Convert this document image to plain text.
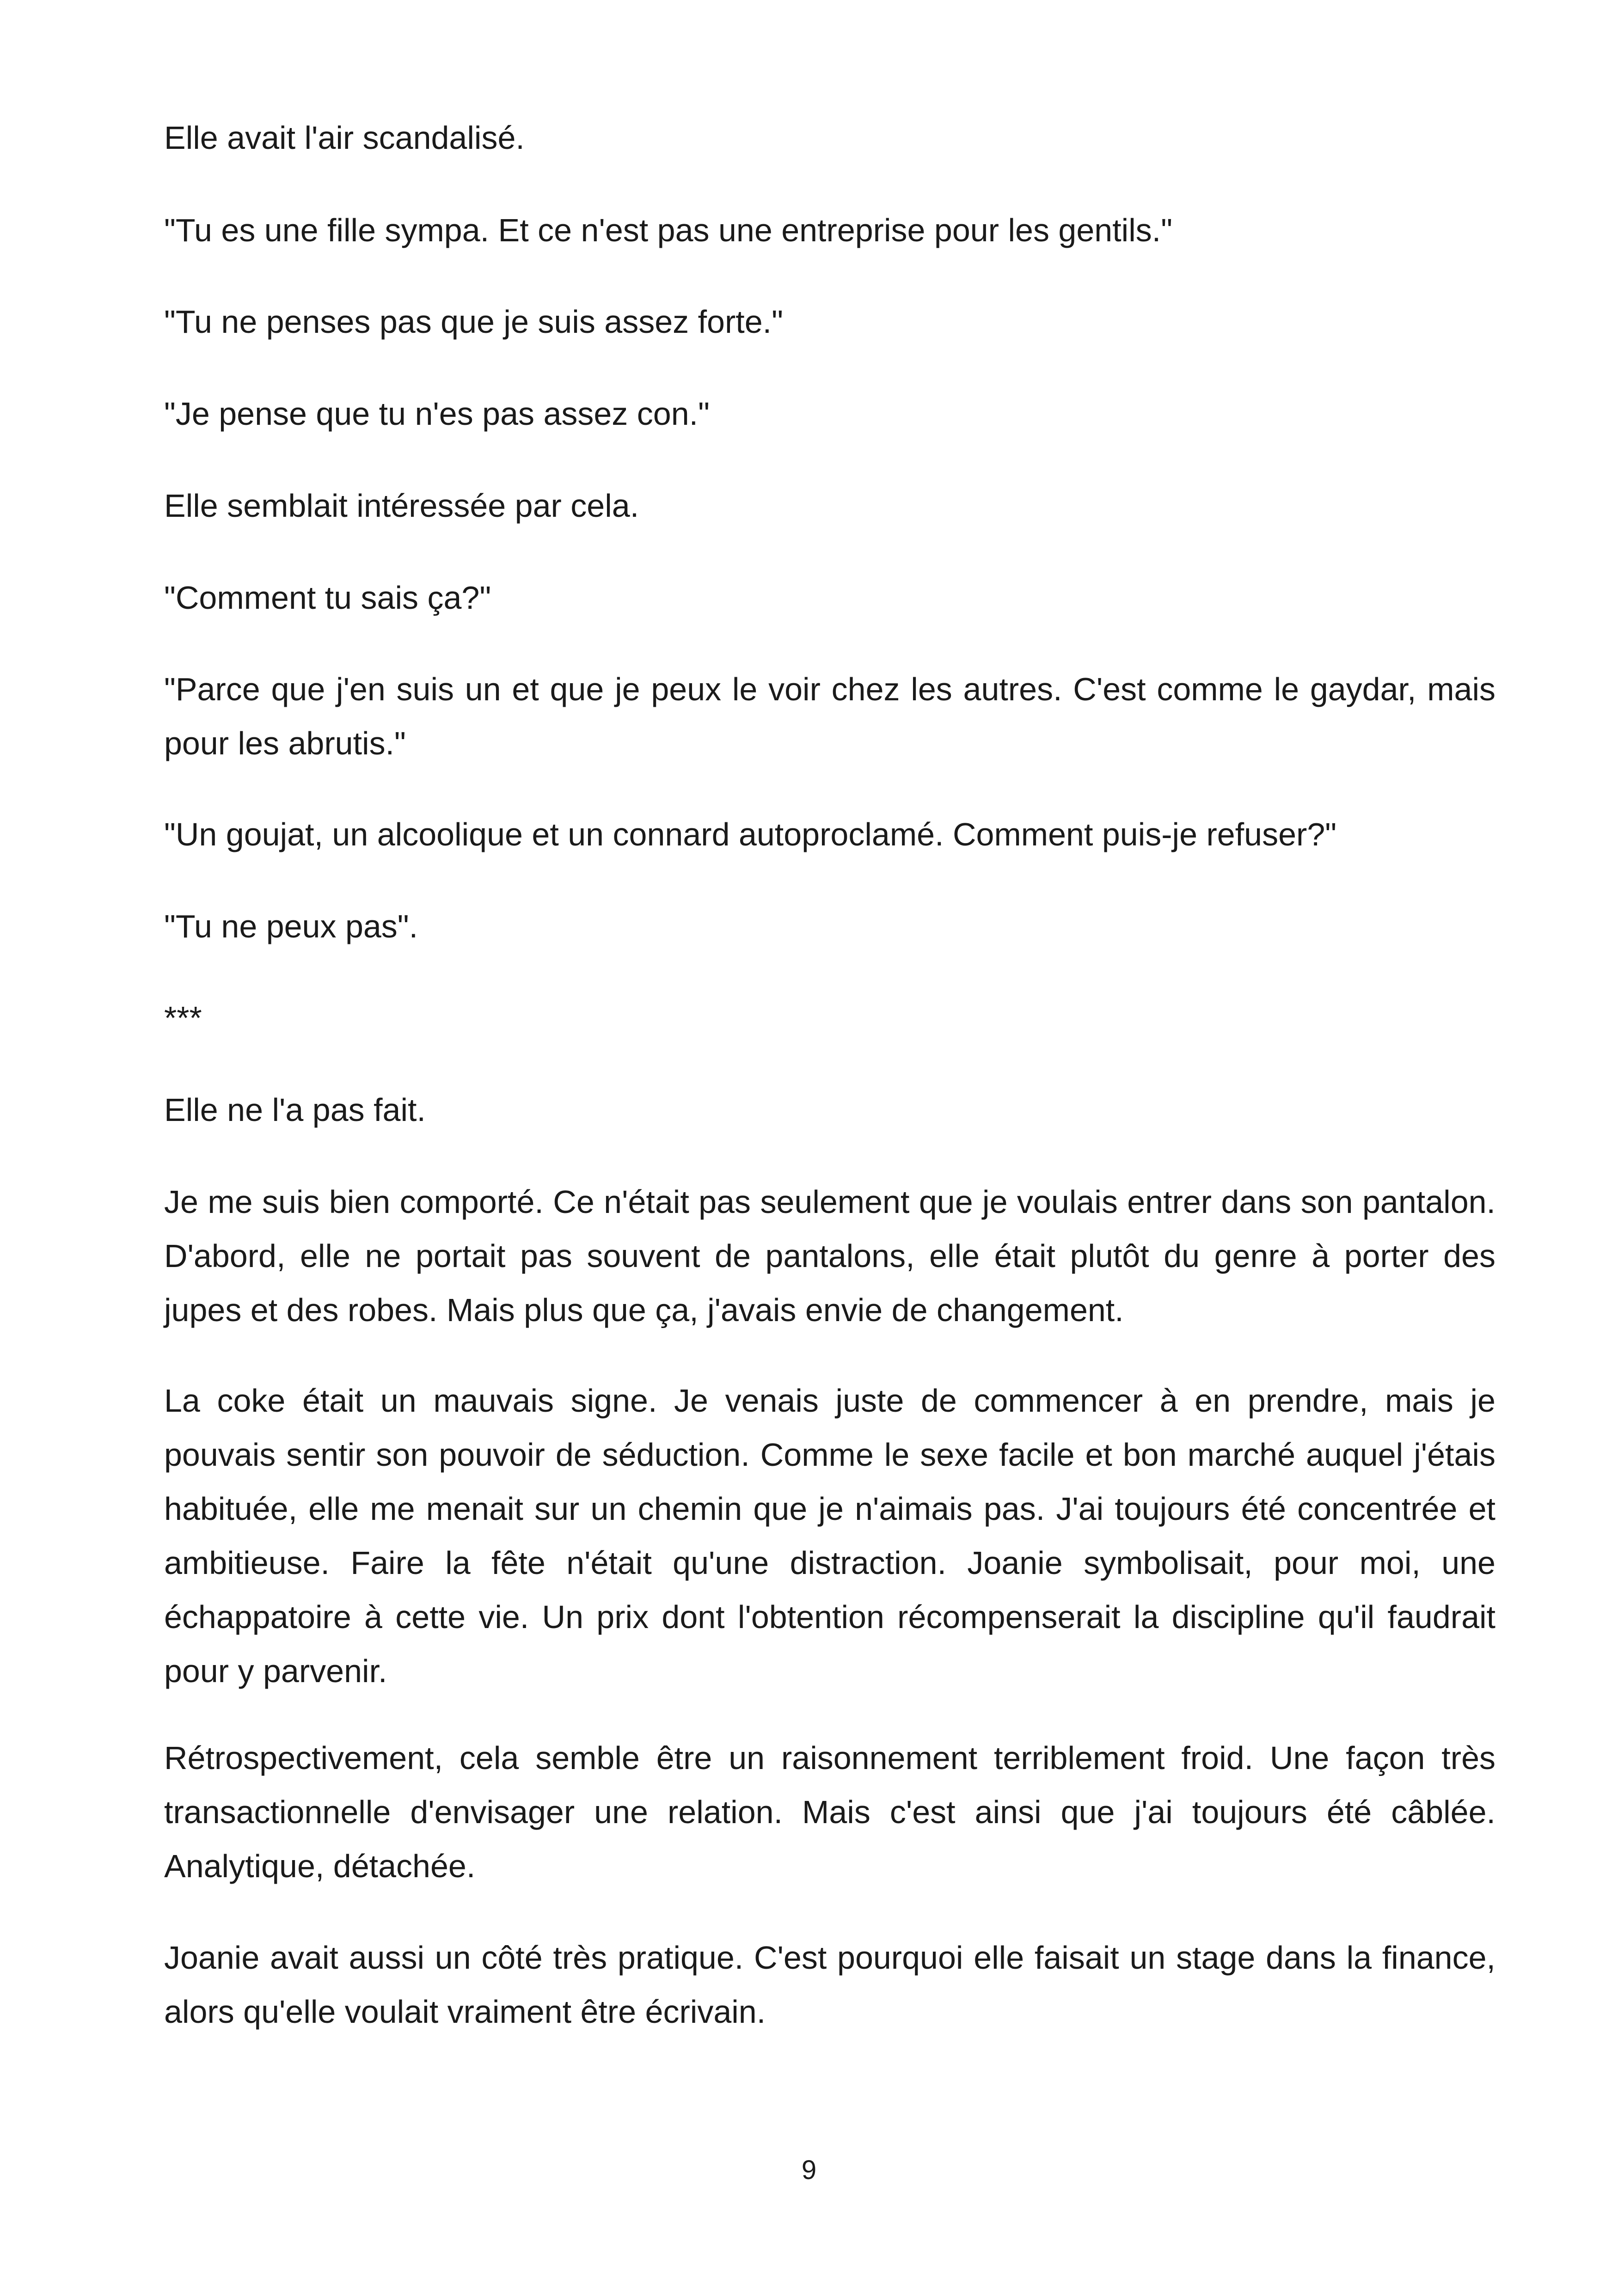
Elle avait l'air scandalisé.

"Tu es une fille sympa. Et ce n'est pas une entreprise pour les gentils."

"Tu ne penses pas que je suis assez forte."

"Je pense que tu n'es pas assez con."

Elle semblait intéressée par cela.

"Comment tu sais ça?"

"Parce que j'en suis un et que je peux le voir chez les autres. C'est comme le gaydar, mais pour les abrutis."

"Un goujat, un alcoolique et un connard autoproclamé. Comment puis-je refuser?"

"Tu ne peux pas".

***

Elle ne l'a pas fait.

Je me suis bien comporté. Ce n'était pas seulement que je voulais entrer dans son pantalon. D'abord, elle ne portait pas souvent de pantalons, elle était plutôt du genre à porter des jupes et des robes. Mais plus que ça, j'avais envie de changement.

La coke était un mauvais signe. Je venais juste de commencer à en prendre, mais je pouvais sentir son pouvoir de séduction. Comme le sexe facile et bon marché auquel j'étais habituée, elle me menait sur un chemin que je n'aimais pas. J'ai toujours été concentrée et ambitieuse. Faire la fête n'était qu'une distraction. Joanie symbolisait, pour moi, une échappatoire à cette vie. Un prix dont l'obtention récompenserait la discipline qu'il faudrait pour y parvenir.

Rétrospectivement, cela semble être un raisonnement terriblement froid. Une façon très transactionnelle d'envisager une relation. Mais c'est ainsi que j'ai toujours été câblée. Analytique, détachée.

Joanie avait aussi un côté très pratique. C'est pourquoi elle faisait un stage dans la finance, alors qu'elle voulait vraiment être écrivain.

9
